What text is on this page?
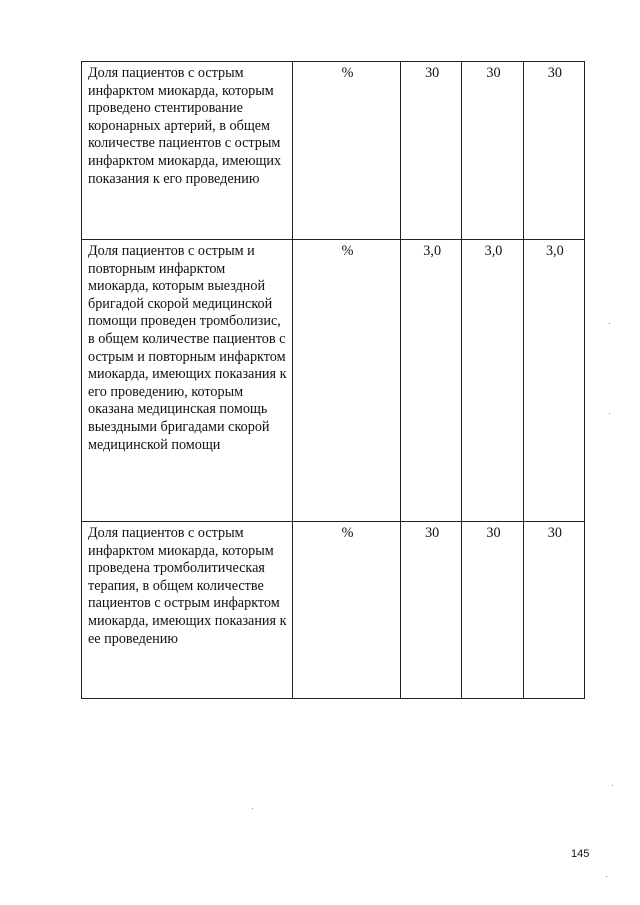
Доля пациентов с острым инфарктом миокарда, которым проведено стентирование коронарных артерий, в общем количестве пациентов с острым инфарктом миокарда, имеющих показания к его проведению	%	30	30	30
Доля пациентов с острым и повторным инфарктом миокарда, которым выездной бригадой скорой медицинской помощи проведен тромболизис, в общем количестве пациентов с острым и повторным инфарктом миокарда, имеющих показания к его проведению, которым оказана медицинская помощь выездными бригадами скорой медицинской помощи	%	3,0	3,0	3,0
Доля пациентов с острым инфарктом миокарда, которым проведена тромболитическая терапия, в общем количестве пациентов с острым инфарктом миокарда, имеющих показания к ее проведению	%	30	30	30
145
